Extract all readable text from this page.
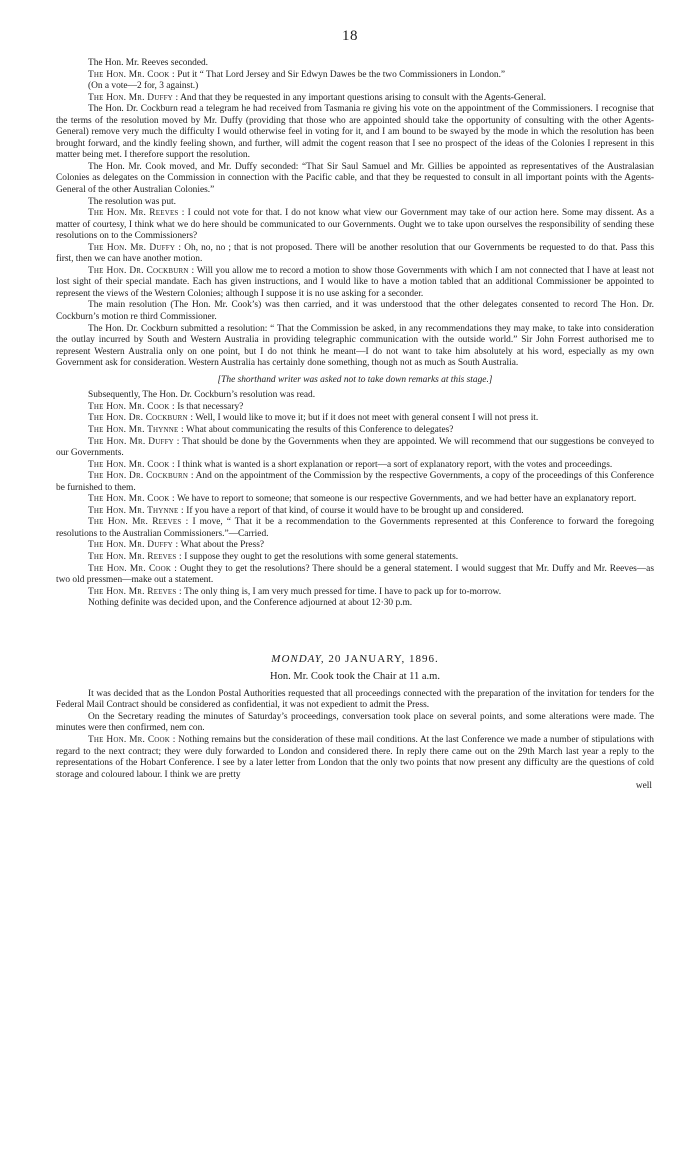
18

The Hon. Mr. Reeves seconded.

The Hon. Mr. Cook : Put it “ That Lord Jersey and Sir Edwyn Dawes be the two Commissioners in London.”

(On a vote—2 for, 3 against.)

The Hon. Mr. Duffy : And that they be requested in any important questions arising to consult with the Agents-General.

The Hon. Dr. Cockburn read a telegram he had received from Tasmania re giving his vote on the appointment of the Commissioners. I recognise that the terms of the resolution moved by Mr. Duffy (providing that those who are appointed should take the opportunity of consulting with the other Agents-General) remove very much the difficulty I would otherwise feel in voting for it, and I am bound to be swayed by the mode in which the resolution has been brought forward, and the kindly feeling shown, and further, will admit the cogent reason that I see no prospect of the ideas of the Colonies I represent in this matter being met. I therefore support the resolution.

The Hon. Mr. Cook moved, and Mr. Duffy seconded: “That Sir Saul Samuel and Mr. Gillies be appointed as representatives of the Australasian Colonies as delegates on the Commission in connection with the Pacific cable, and that they be requested to consult in all important points with the Agents-General of the other Australian Colonies.”

The resolution was put.

The Hon. Mr. Reeves : I could not vote for that. I do not know what view our Government may take of our action here. Some may dissent. As a matter of courtesy, I think what we do here should be communicated to our Governments. Ought we to take upon ourselves the responsibility of sending these resolutions on to the Commissioners?

The Hon. Mr. Duffy : Oh, no, no ; that is not proposed. There will be another resolution that our Governments be requested to do that. Pass this first, then we can have another motion.

The Hon. Dr. Cockburn : Will you allow me to record a motion to show those Governments with which I am not connected that I have at least not lost sight of their special mandate. Each has given instructions, and I would like to have a motion tabled that an additional Commissioner be appointed to represent the views of the Western Colonies; although I suppose it is no use asking for a seconder.

The main resolution (The Hon. Mr. Cook’s) was then carried, and it was understood that the other delegates consented to record The Hon. Dr. Cockburn’s motion re third Commissioner.

The Hon. Dr. Cockburn submitted a resolution: “ That the Commission be asked, in any recommendations they may make, to take into consideration the outlay incurred by South and Western Australia in providing telegraphic communication with the outside world.” Sir John Forrest authorised me to represent Western Australia only on one point, but I do not think he meant—I do not want to take him absolutely at his word, especially as my own Government ask for consideration. Western Australia has certainly done something, though not as much as South Australia.

[The shorthand writer was asked not to take down remarks at this stage.]

Subsequently, The Hon. Dr. Cockburn’s resolution was read.

The Hon. Mr. Cook : Is that necessary?

The Hon. Dr. Cockburn : Well, I would like to move it; but if it does not meet with general consent I will not press it.

The Hon. Mr. Thynne : What about communicating the results of this Conference to delegates?

The Hon. Mr. Duffy : That should be done by the Governments when they are appointed. We will recommend that our suggestions be conveyed to our Governments.

The Hon. Mr. Cook : I think what is wanted is a short explanation or report—a sort of explanatory report, with the votes and proceedings.

The Hon. Dr. Cockburn : And on the appointment of the Commission by the respective Governments, a copy of the proceedings of this Conference be furnished to them.

The Hon. Mr. Cook : We have to report to someone; that someone is our respective Governments, and we had better have an explanatory report.

The Hon. Mr. Thynne : If you have a report of that kind, of course it would have to be brought up and considered.

The Hon. Mr. Reeves : I move, “ That it be a recommendation to the Governments represented at this Conference to forward the foregoing resolutions to the Australian Commissioners.”—Carried.

The Hon. Mr. Duffy : What about the Press?

The Hon. Mr. Reeves : I suppose they ought to get the resolutions with some general statements.

The Hon. Mr. Cook : Ought they to get the resolutions? There should be a general statement. I would suggest that Mr. Duffy and Mr. Reeves—as two old pressmen—make out a statement.

The Hon. Mr. Reeves : The only thing is, I am very much pressed for time. I have to pack up for to-morrow.

Nothing definite was decided upon, and the Conference adjourned at about 12·30 p.m.

MONDAY, 20 JANUARY, 1896.
Hon. Mr. Cook took the Chair at 11 a.m.

It was decided that as the London Postal Authorities requested that all proceedings connected with the preparation of the invitation for tenders for the Federal Mail Contract should be considered as confidential, it was not expedient to admit the Press.

On the Secretary reading the minutes of Saturday’s proceedings, conversation took place on several points, and some alterations were made. The minutes were then confirmed, nem con.

The Hon. Mr. Cook : Nothing remains but the consideration of these mail conditions. At the last Conference we made a number of stipulations with regard to the next contract; they were duly forwarded to London and considered there. In reply there came out on the 29th March last year a reply to the representations of the Hobart Conference. I see by a later letter from London that the only two points that now present any difficulty are the questions of cold storage and coloured labour. I think we are pretty

well
